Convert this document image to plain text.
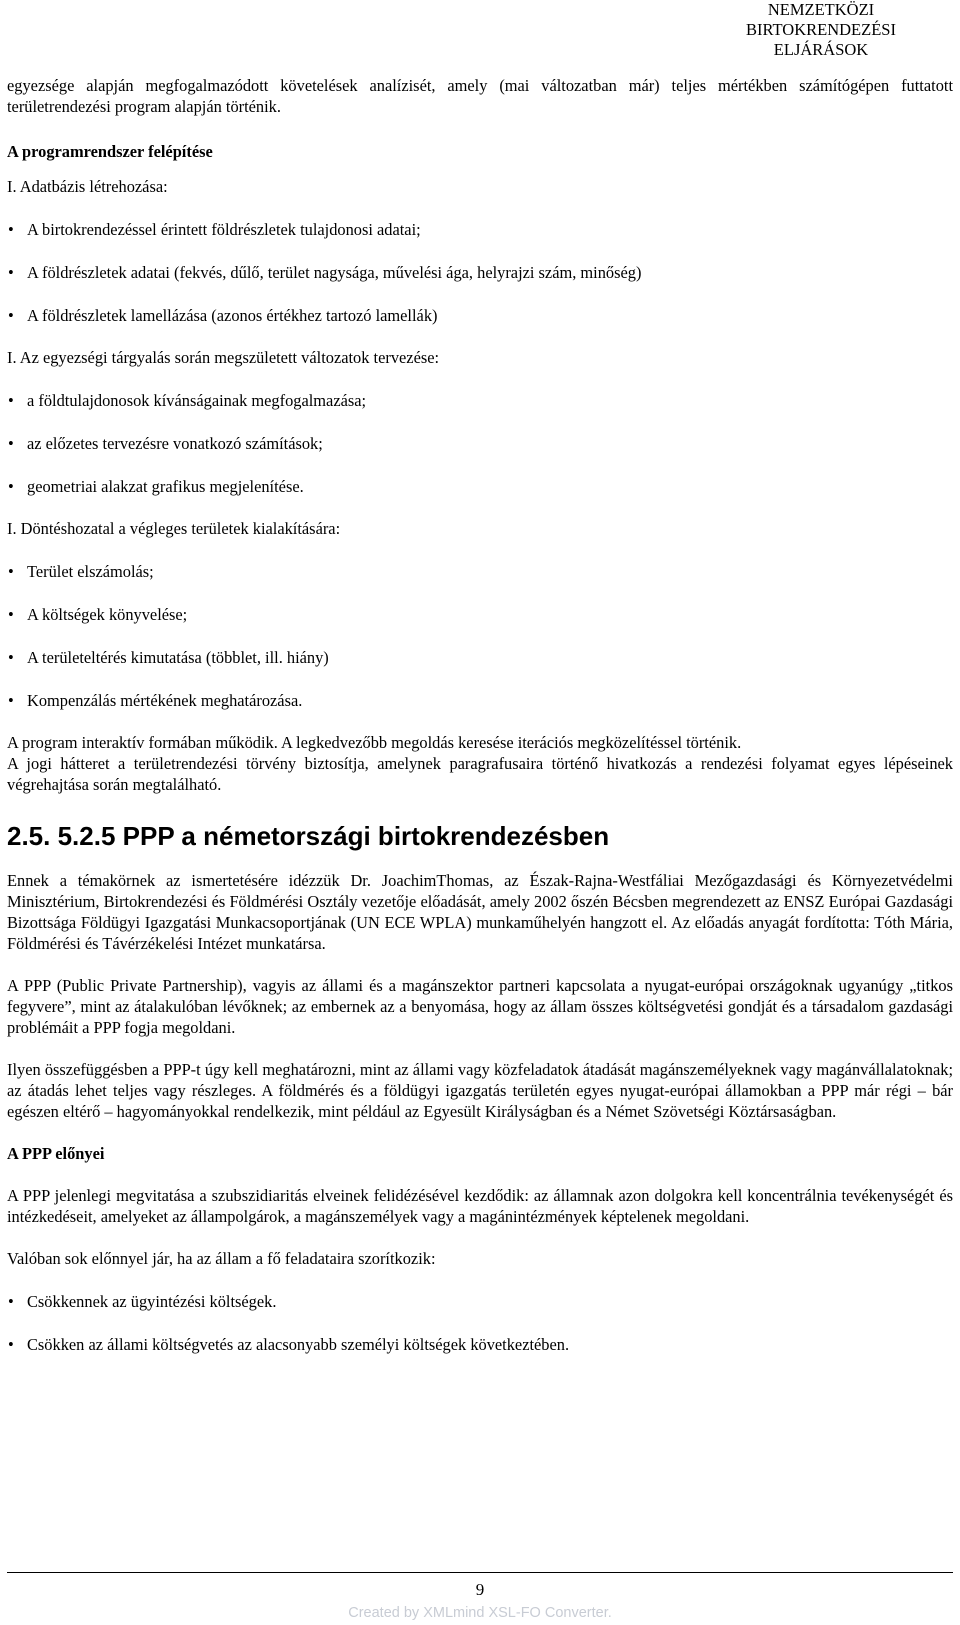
NEMZETKÖZI
BIRTOKRENDEZÉSI
ELJÁRÁSOK

egyezsége alapján megfogalmazódott követelések analízisét, amely (mai változatban már) teljes mértékben számítógépen futtatott területrendezési program alapján történik.

A programrendszer felépítése

I. Adatbázis létrehozása:

• A birtokrendezéssel érintett földrészletek tulajdonosi adatai;

• A földrészletek adatai (fekvés, dűlő, terület nagysága, művelési ága, helyrajzi szám, minőség)

• A földrészletek lamellázása (azonos értékhez tartozó lamellák)

I. Az egyezségi tárgyalás során megszületett változatok tervezése:

• a földtulajdonosok kívánságainak megfogalmazása;

• az előzetes tervezésre vonatkozó számítások;

• geometriai alakzat grafikus megjelenítése.

I. Döntéshozatal a végleges területek kialakítására:

• Terület elszámolás;

• A költségek könyvelése;

• A területeltérés kimutatása (többlet, ill. hiány)

• Kompenzálás mértékének meghatározása.

A program interaktív formában működik. A legkedvezőbb megoldás keresése iterációs megközelítéssel történik.

A jogi hátteret a területrendezési törvény biztosítja, amelynek paragrafusaira történő hivatkozás a rendezési folyamat egyes lépéseinek végrehajtása során megtalálható.

2.5. 5.2.5 PPP a németországi birtokrendezésben

Ennek a témakörnek az ismertetésére idézzük Dr. JoachimThomas, az Észak-Rajna-Westfáliai Mezőgazdasági és Környezetvédelmi Minisztérium, Birtokrendezési és Földmérési Osztály vezetője előadását, amely 2002 őszén Bécsben megrendezett az ENSZ Európai Gazdasági Bizottsága Földügyi Igazgatási Munkacsoportjának (UN ECE WPLA) munkaműhelyén hangzott el. Az előadás anyagát fordította: Tóth Mária, Földmérési és Távérzékelési Intézet munkatársa.

A PPP (Public Private Partnership), vagyis az állami és a magánszektor partneri kapcsolata a nyugat-európai országoknak ugyanúgy „titkos fegyvere”, mint az átalakulóban lévőknek; az embernek az a benyomása, hogy az állam összes költségvetési gondját és a társadalom gazdasági problémáit a PPP fogja megoldani.

Ilyen összefüggésben a PPP-t úgy kell meghatározni, mint az állami vagy közfeladatok átadását magánszemélyeknek vagy magánvállalatoknak; az átadás lehet teljes vagy részleges. A földmérés és a földügyi igazgatás területén egyes nyugat-európai államokban a PPP már régi – bár egészen eltérő – hagyományokkal rendelkezik, mint például az Egyesült Királyságban és a Német Szövetségi Köztársaságban.

A PPP előnyei

A PPP jelenlegi megvitatása a szubszidiaritás elveinek felidézésével kezdődik: az államnak azon dolgokra kell koncentrálnia tevékenységét és intézkedéseit, amelyeket az állampolgárok, a magánszemélyek vagy a magánintézmények képtelenek megoldani.

Valóban sok előnnyel jár, ha az állam a fő feladataira szorítkozik:

• Csökkennek az ügyintézési költségek.

• Csökken az állami költségvetés az alacsonyabb személyi költségek következtében.

9
Created by XMLmind XSL-FO Converter.
